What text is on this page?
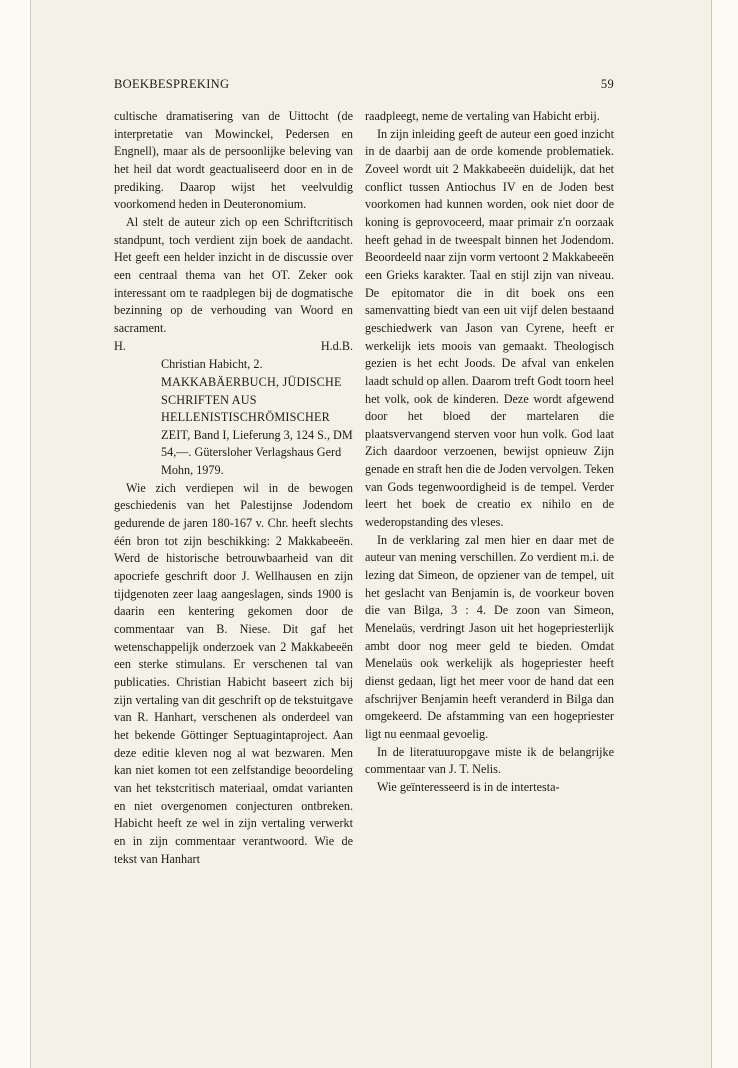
BOEKBESPREKING	59

cultische dramatisering van de Uittocht (de interpretatie van Mowinckel, Pedersen en Engnell), maar als de persoonlijke beleving van het heil dat wordt geactualiseerd door en in de prediking. Daarop wijst het veelvuldig voorkomend heden in Deuteronomium.

Al stelt de auteur zich op een Schriftcritisch standpunt, toch verdient zijn boek de aandacht. Het geeft een helder inzicht in de discussie over een centraal thema van het OT. Zeker ook interessant om te raadplegen bij de dogmatische bezinning op de verhouding van Woord en sacrament.

H.	H.d.B.

Christian Habicht, 2. MAKKABÄERBUCH, JÜDISCHE SCHRIFTEN AUS HELLENISTISCHRÖMISCHER ZEIT, Band I, Lieferung 3, 124 S., DM 54,—. Gütersloher Verlagshaus Gerd Mohn, 1979.

Wie zich verdiepen wil in de bewogen geschiedenis van het Palestijnse Jodendom gedurende de jaren 180-167 v. Chr. heeft slechts één bron tot zijn beschikking: 2 Makkabeeën. Werd de historische betrouwbaarheid van dit apocriefe geschrift door J. Wellhausen en zijn tijdgenoten zeer laag aangeslagen, sinds 1900 is daarin een kentering gekomen door de commentaar van B. Niese. Dit gaf het wetenschappelijk onderzoek van 2 Makkabeeën een sterke stimulans. Er verschenen tal van publicaties. Christian Habicht baseert zich bij zijn vertaling van dit geschrift op de tekstuitgave van R. Hanhart, verschenen als onderdeel van het bekende Göttinger Septuagintaproject. Aan deze editie kleven nog al wat bezwaren. Men kan niet komen tot een zelfstandige beoordeling van het tekstcritisch materiaal, omdat varianten en niet overgenomen conjecturen ontbreken. Habicht heeft ze wel in zijn vertaling verwerkt en in zijn commentaar verantwoord. Wie de tekst van Hanhart

raadpleegt, neme de vertaling van Habicht erbij.

In zijn inleiding geeft de auteur een goed inzicht in de daarbij aan de orde komende problematiek. Zoveel wordt uit 2 Makkabeeën duidelijk, dat het conflict tussen Antiochus IV en de Joden best voorkomen had kunnen worden, ook niet door de koning is geprovoceerd, maar primair z'n oorzaak heeft gehad in de tweespalt binnen het Jodendom. Beoordeeld naar zijn vorm vertoont 2 Makkabeeën een Grieks karakter. Taal en stijl zijn van niveau. De epitomator die in dit boek ons een samenvatting biedt van een uit vijf delen bestaand geschiedwerk van Jason van Cyrene, heeft er werkelijk iets moois van gemaakt. Theologisch gezien is het echt Joods. De afval van enkelen laadt schuld op allen. Daarom treft Godt toorn heel het volk, ook de kinderen. Deze wordt afgewend door het bloed der martelaren die plaatsvervangend sterven voor hun volk. God laat Zich daardoor verzoenen, bewijst opnieuw Zijn genade en straft hen die de Joden vervolgen. Teken van Gods tegenwoordigheid is de tempel. Verder leert het boek de creatio ex nihilo en de wederopstanding des vleses.

In de verklaring zal men hier en daar met de auteur van mening verschillen. Zo verdient m.i. de lezing dat Simeon, de opziener van de tempel, uit het geslacht van Benjamin is, de voorkeur boven die van Bilga, 3 : 4. De zoon van Simeon, Menelaüs, verdringt Jason uit het hogepriesterlijk ambt door nog meer geld te bieden. Omdat Menelaüs ook werkelijk als hogepriester heeft dienst gedaan, ligt het meer voor de hand dat een afschrijver Benjamin heeft veranderd in Bilga dan omgekeerd. De afstamming van een hogepriester ligt nu eenmaal gevoelig.

In de literatuuropgave miste ik de belangrijke commentaar van J. T. Nelis.

Wie geïnteresseerd is in de intertesta-
